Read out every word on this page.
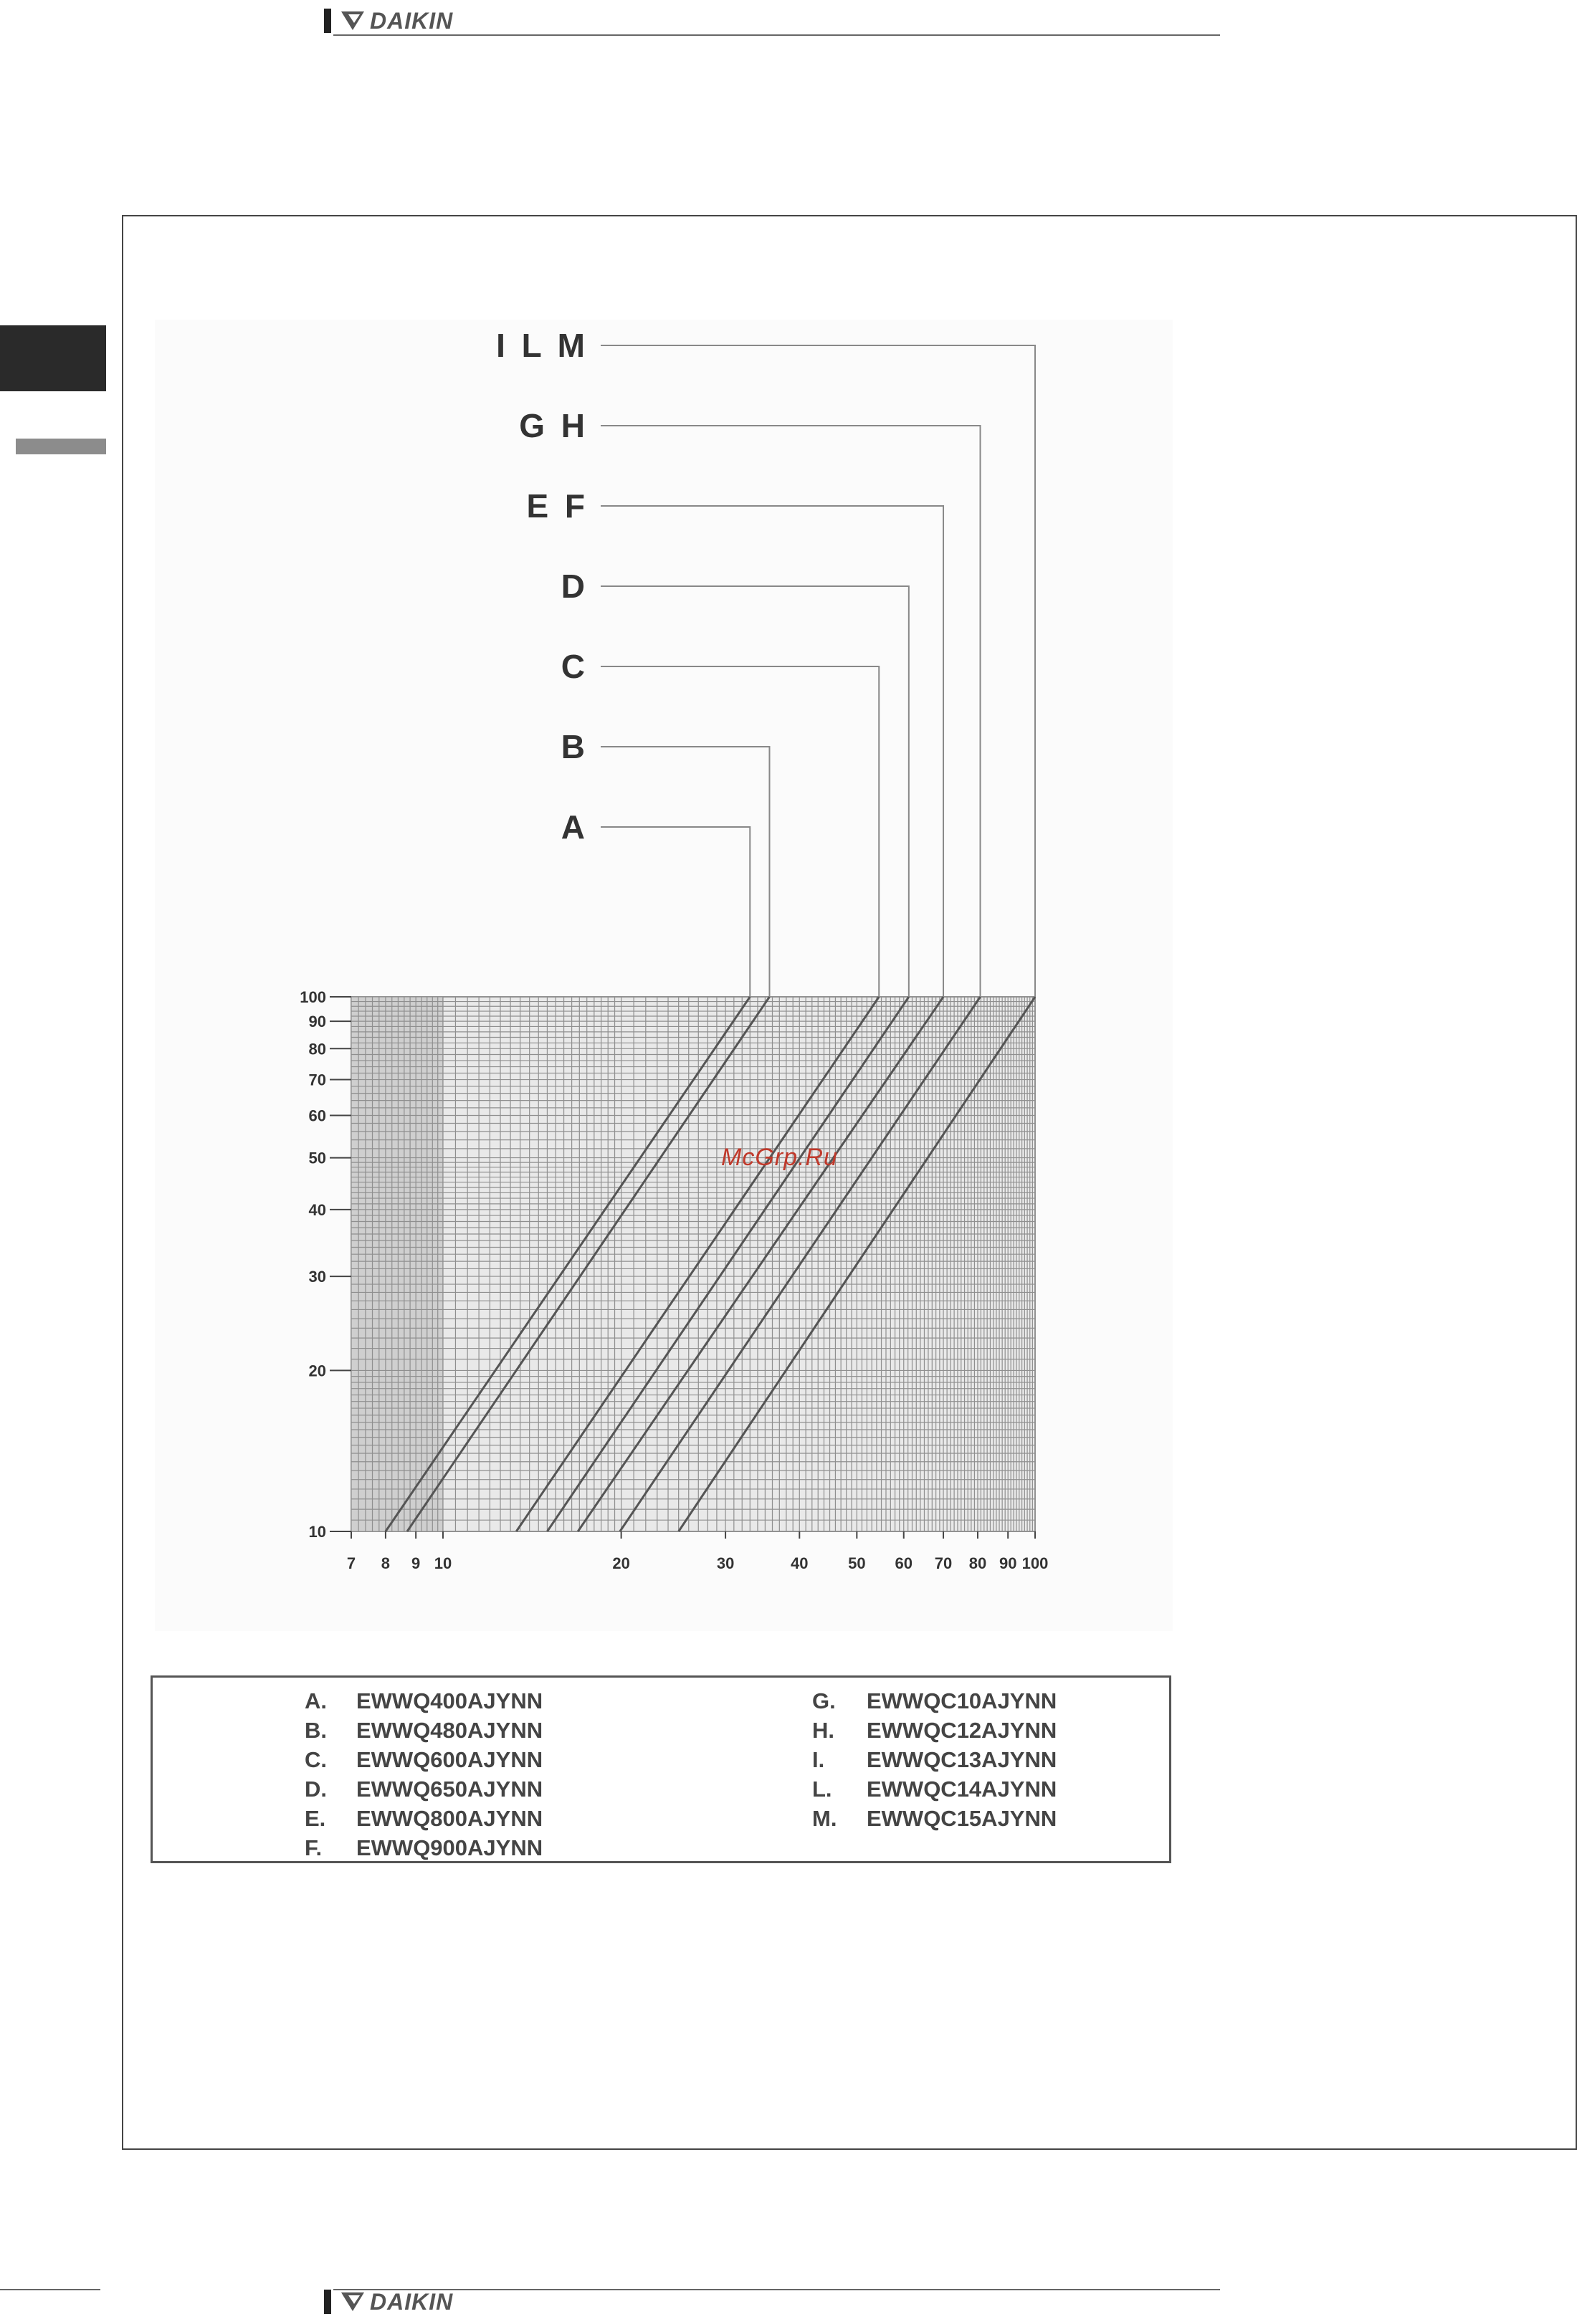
DAIKIN
7 8 9 10	20	30	40	50 60 70 80 90 100
10
20
30
40
50
60
70
80
90
100
I L M
G H
E F
D
C
B
A
McGrp.Ru
A.	EWWQ400AJYNN
B.	EWWQ480AJYNN
C.	EWWQ600AJYNN
D.	EWWQ650AJYNN
E.	EWWQ800AJYNN
F.	EWWQ900AJYNN
G.	EWWQC10AJYNN
H.	EWWQC12AJYNN
I.	EWWQC13AJYNN
L.	EWWQC14AJYNN
M.	EWWQC15AJYNN
DAIKIN
